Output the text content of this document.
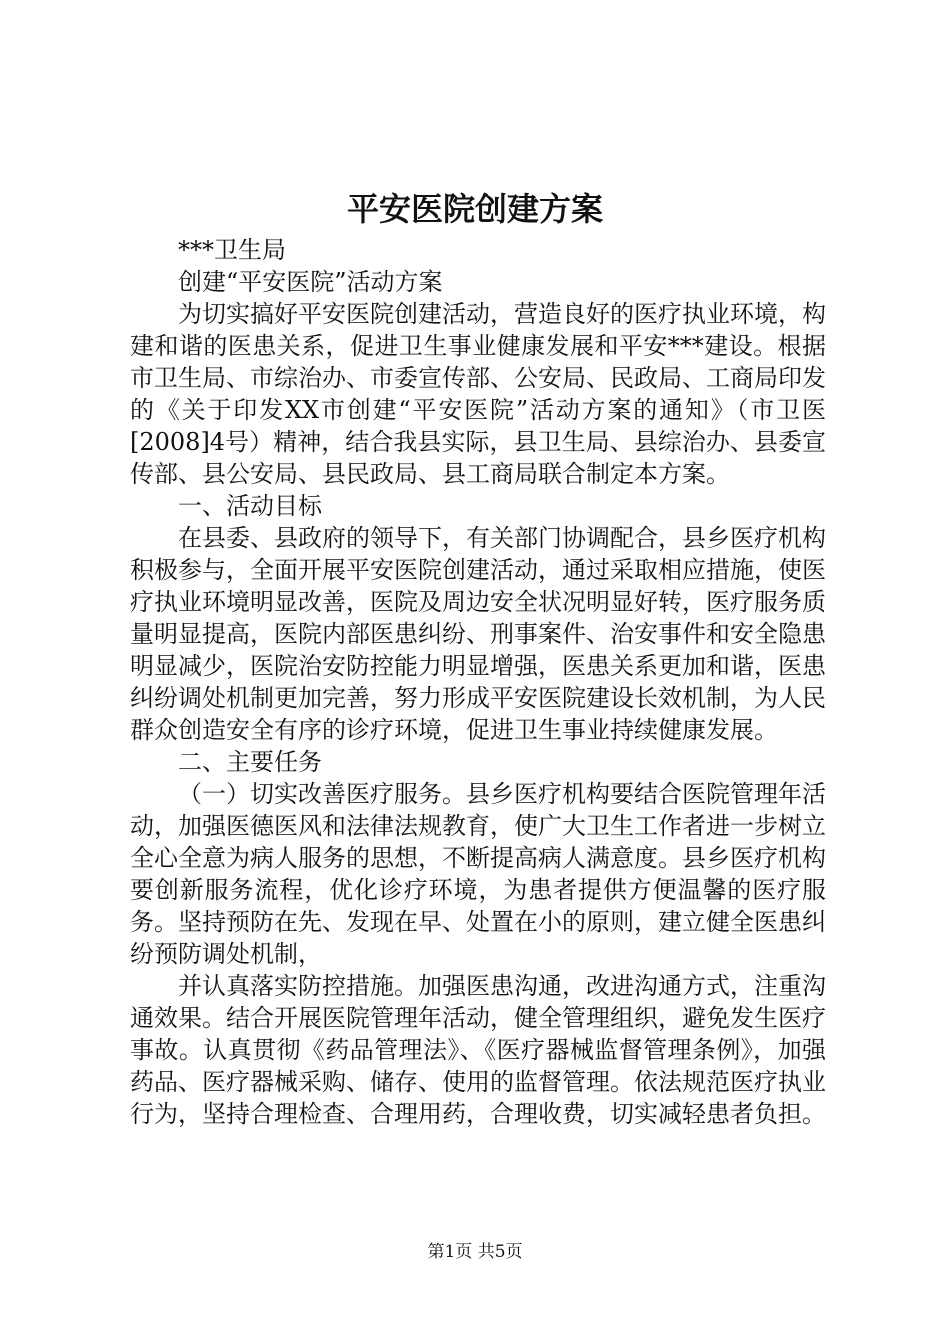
平安医院创建方案

***卫生局

创建“平安医院”活动方案

为切实搞好平安医院创建活动，营造良好的医疗执业环境，构建和谐的医患关系，促进卫生事业健康发展和平安***建设。根据市卫生局、市综治办、市委宣传部、公安局、民政局、工商局印发的《关于印发XX市创建“平安医院”活动方案的通知》（市卫医[2008]4号）精神，结合我县实际，县卫生局、县综治办、县委宣传部、县公安局、县民政局、县工商局联合制定本方案。

一、活动目标

在县委、县政府的领导下，有关部门协调配合，县乡医疗机构积极参与，全面开展平安医院创建活动，通过采取相应措施，使医疗执业环境明显改善，医院及周边安全状况明显好转，医疗服务质量明显提高，医院内部医患纠纷、刑事案件、治安事件和安全隐患明显减少，医院治安防控能力明显增强，医患关系更加和谐，医患纠纷调处机制更加完善，努力形成平安医院建设长效机制，为人民群众创造安全有序的诊疗环境，促进卫生事业持续健康发展。

二、主要任务

（一）切实改善医疗服务。县乡医疗机构要结合医院管理年活动，加强医德医风和法律法规教育，使广大卫生工作者进一步树立全心全意为病人服务的思想，不断提高病人满意度。县乡医疗机构要创新服务流程，优化诊疗环境，为患者提供方便温馨的医疗服务。坚持预防在先、发现在早、处置在小的原则，建立健全医患纠纷预防调处机制，

并认真落实防控措施。加强医患沟通，改进沟通方式，注重沟通效果。结合开展医院管理年活动，健全管理组织，避免发生医疗事故。认真贯彻《药品管理法》、《医疗器械监督管理条例》，加强药品、医疗器械采购、储存、使用的监督管理。依法规范医疗执业行为，坚持合理检查、合理用药，合理收费，切实减轻患者负担。

第1页 共5页
